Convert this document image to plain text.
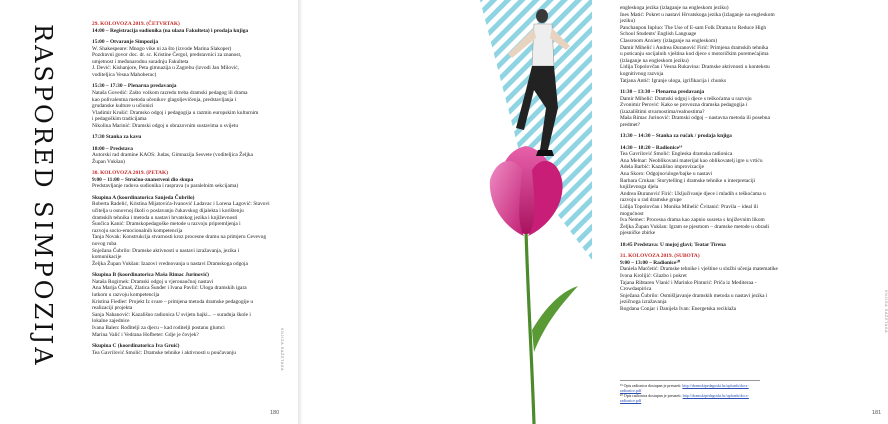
RASPORED SIMPOZIJA	29. KOLOVOZA 2019. (ČETVRTAK)
14:00 – Registracija sudionika (na ulazu Fakulteta) i prodaja knjiga
15:00 – Otvaranje Simpozija
W. Shakespeare: Mnogo vike ni za što (izvode Marina Slakoper)
Pozdravni govor doc. dr. sc. Kristine Čergol, predstavnici za znanost,
umjetnost i međunarodnu suradnju Fakulteta
J. Dević: Kishanjore, Peta gimnazija u Zagrebu (izvodi Jan Milović,
voditeljica Vesna Mahoberac)
15:30 – 17:30 – Plenarna predavanja
Nataša Govedić: Zašto voikom razredu treba dramski pedagog ili drama
kao polivalentna metoda učenikov glagoljevičenja, predstavljanja i
grudanske kulture u učionici
Vladimir Krušić: Dramsko odgoj i pedagogija u razmin europskim kulturnim
i pedagoškim tradicijama
Nikolina Marinić: Dramski odgoj u obrazovnim sustavima u svijetu
17:30 Stanka za kavu
18:00 – Predstava
Autorski rad dramine KAOS: Judas, Gimnazija Sesvete (voditeljica Željka
Župan Vukšan)
30. KOLOVOZA 2019. (PETAK)
9:00 – 11:00 – Stručno-znanstveni dio skupa
Predstavljanje radova sudionika i rasprava (u paralelnim sekcijama)
Skupina A (koordinatorica Sanjeda Čubrilo)
Roberta Radelić, Kristina Mijatovića-Ivanović Ladavac i Lorena Lagović: Stavovi
učitelja u osnovnoj školi o poslavanju čukavskog dijalekta i korištenju
dramskih tehnika i metoda u nastavi hrvatskog jezika i književnosti
Šunčica Kanić: Dramskopedagoške metode u razvoju pripremljenja i
razvoju socio-emocionalnih kompetencija
Tanja Novak: Konstrukcija stvarnosti kroz procesne dramu na primjeru Cevevog
novog ruba
Snježana Čubrilo: Dramske aktivnosti u nastavi izražavanja, jezika i
komunikacije
Željka Župan Vukšan: Izazovi vrednovanja u nastavi Dramskoga odgoja
Skupina B (koordinatorica Maša Rimac Jurinović)
Nataša Rogirnek: Dramski odgoj u vjeronaučnoj nastavi
Ana Marija Čimaš, Zlatica Šunđer i Ivana Pavlić: Uloga dramskih igara
lutkom u razvoju kompetencija
Kristina Fiedler: Projekt Iz svare – primjena metoda dramske pedagogije u
realizaciji projekta
Sanja Nahanović: Kazališno radionica U svijetu bajki... – suradnja škole i
lokalne zajednice
Ivana Balen: Rođitelji za djecu – kad roditelji postanu glumci
Marina Valić i Vedrana Hofbeter: Gdje je čovjek?
Skupina C (koordinatorica Iva Gruić)
Tea Gavrilović Smolić: Dramske tehnike i aktivnosti u poučavanju	KNJIGA SAŽETAKA
180
engleskoga jezika (izlaganje na engleskom jeziku)
Ines Matić: Pokret u nastavi Hrvatskoga jezika (izlaganje na engleskom
jeziku)
Panchanpon Inpluo: The Use of E-sam Folk Drama to Reduce High
School Students' English Language
Classroom Anxiety (izlaganje na engleskom)
Damir Mihelić i Andrea Đuranović Firić: Primjena dramskih tehnika
u poticanju socijalnih vještina kod djece s motoričkim poremećajima
(izlaganje na engleskom jeziku)
Lidija Topolovčan i Vesna Rukavina: Dramske aktivnosti u kontekstu
kognitivnog razvoja
Tatjana Antić: Igranje uloga, igrifikacija i chunks
11:30 – 13:30 – Plenarna predavanja
Damir Mihelić: Dramski odgoj i djece s teškoćama u razvoju
Zvonimir Perović: Kako se provozna dramska pedagogija i
(izazalištimi stvarnostima/realnostima?
Maša Rimac Jurinović: Dramski odgoj – nastavna metoda ili posebna
predmet?
13:30 – 14:30 – Stanka za ručak / prodaja knjiga
14:30 – 18:20 – Radionice¹⁹
Tea Gavrilović Smolić: Engleska dramska radionica
Ana Melnar: Neoblikovani materijal kao oblikovatelj igre u vrtiću
Adela Barbić: Kazališno improvizacije
Ana Skoro: Odgojno/uloge/bajke u nastavi
Barbara Crnkan: Storytelling i dramske tehnike u interpretaciji
književnoga djela
Andrea Đuranović Firić: Uključivanje djece i mladih s teškoćama u
razvoju u rad dramske grupe
Lidija Topolovčan i Monika Mihelić Čvitanić: Pravila – ideal ili
mogućnost
Iva Nemec: Procesna drama kao zapnio susreta s književnim likom
Željka Župan Vukšan: Igram se pjesmom – dramske metode u obradi
pjesničke zbirke
18:45 Predstava: U mojoj glavi; Teatar Tirena
31. KOLOVOZA 2019. (SUBOTA)
9:00 – 13:00 – Radionice²⁰
Daniela Marčetić: Dramske tehnike i vještine u službi učenja matematike
Ivona Krolijić: Glazbo i pokret
Tajana Ribtaren Vlanić i Marinko Pinturić: Priča iz Mediteraa -
Crowdaspirica
Snježana Čubrilo: Osmišljavanje dramskih metoda u nastavi jezika i
jezičnoga izražavanja
Bogdana Conjar i Danijela Ivan: Energetska reciklaža
¹⁹ Opis radionica dostupan je preuzeti: http://dramskipedagoski.hr/uploads/docs-radionice.pdf
²⁰ Opis radionica dostupan je preuzeti: http://dramskipedagoski.hr/uploads/docs-radionice.pdf
KNJIGA SAŽETAKA
181
